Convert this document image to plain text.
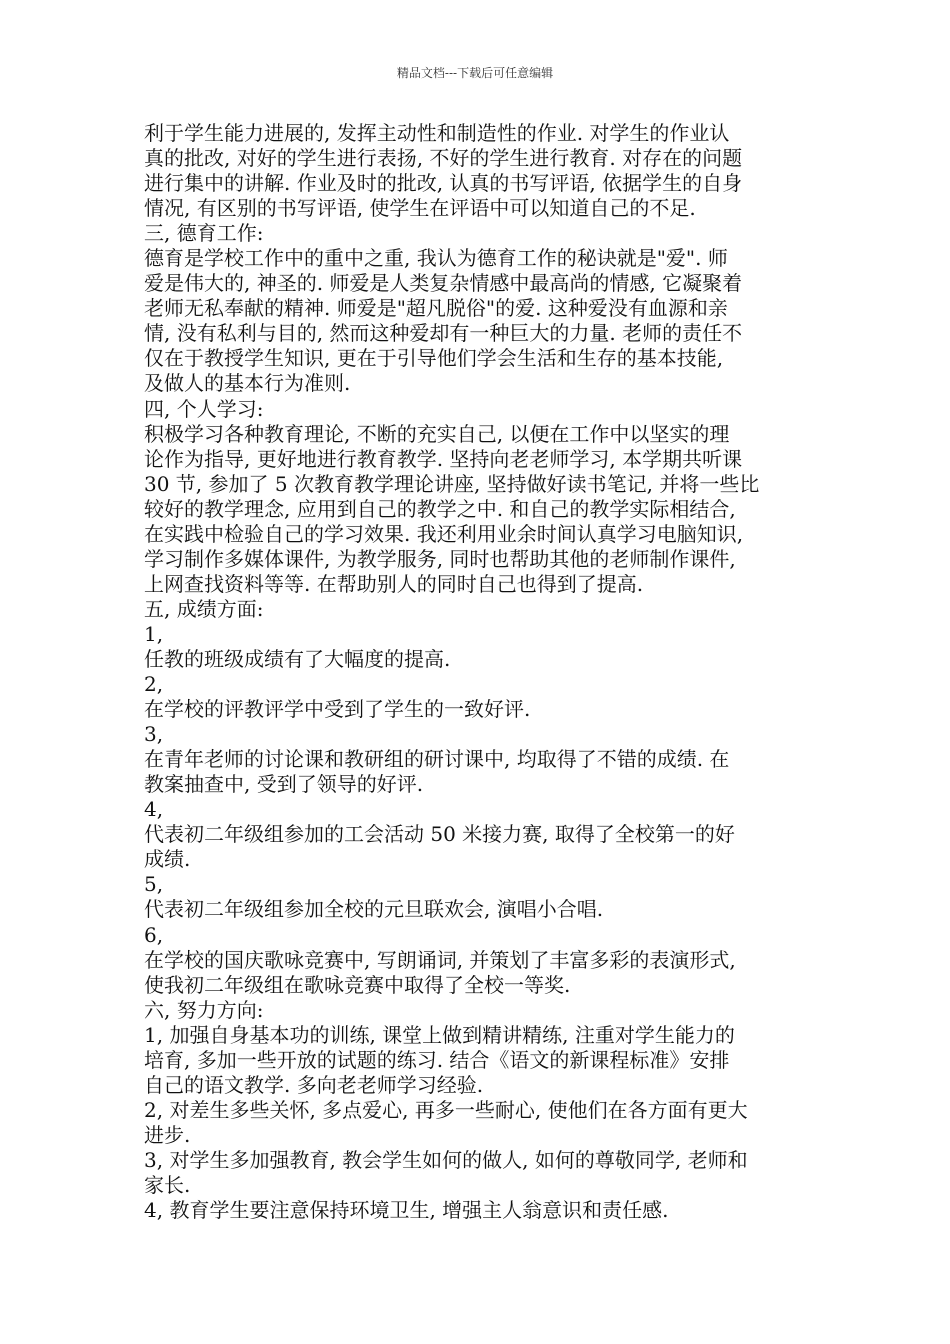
精品文档---下载后可任意编辑
利于学生能力进展的, 发挥主动性和制造性的作业. 对学生的作业认
真的批改, 对好的学生进行表扬, 不好的学生进行教育. 对存在的问题
进行集中的讲解. 作业及时的批改, 认真的书写评语, 依据学生的自身
情况, 有区别的书写评语, 使学生在评语中可以知道自己的不足.
三, 德育工作:
德育是学校工作中的重中之重, 我认为德育工作的秘诀就是"爱". 师
爱是伟大的, 神圣的. 师爱是人类复杂情感中最高尚的情感, 它凝聚着
老师无私奉献的精神. 师爱是"超凡脱俗"的爱. 这种爱没有血源和亲
情, 没有私利与目的, 然而这种爱却有一种巨大的力量. 老师的责任不
仅在于教授学生知识, 更在于引导他们学会生活和生存的基本技能,
及做人的基本行为准则.
四, 个人学习:
积极学习各种教育理论, 不断的充实自己, 以便在工作中以坚实的理
论作为指导, 更好地进行教育教学. 坚持向老老师学习, 本学期共听课
30 节, 参加了 5 次教育教学理论讲座, 坚持做好读书笔记, 并将一些比
较好的教学理念, 应用到自己的教学之中. 和自己的教学实际相结合,
在实践中检验自己的学习效果. 我还利用业余时间认真学习电脑知识,
学习制作多媒体课件, 为教学服务, 同时也帮助其他的老师制作课件,
上网查找资料等等. 在帮助别人的同时自己也得到了提高.
五, 成绩方面:
1,
任教的班级成绩有了大幅度的提高.
2,
在学校的评教评学中受到了学生的一致好评.
3,
在青年老师的讨论课和教研组的研讨课中, 均取得了不错的成绩. 在
教案抽查中, 受到了领导的好评.
4,
代表初二年级组参加的工会活动 50 米接力赛, 取得了全校第一的好
成绩.
5,
代表初二年级组参加全校的元旦联欢会, 演唱小合唱.
6,
在学校的国庆歌咏竞赛中, 写朗诵词, 并策划了丰富多彩的表演形式,
使我初二年级组在歌咏竞赛中取得了全校一等奖.
六, 努力方向:
1, 加强自身基本功的训练, 课堂上做到精讲精练, 注重对学生能力的
培育, 多加一些开放的试题的练习. 结合《语文的新课程标准》安排
自己的语文教学. 多向老老师学习经验.
2, 对差生多些关怀, 多点爱心, 再多一些耐心, 使他们在各方面有更大
进步.
3, 对学生多加强教育, 教会学生如何的做人, 如何的尊敬同学, 老师和
家长.
4, 教育学生要注意保持环境卫生, 增强主人翁意识和责任感.
